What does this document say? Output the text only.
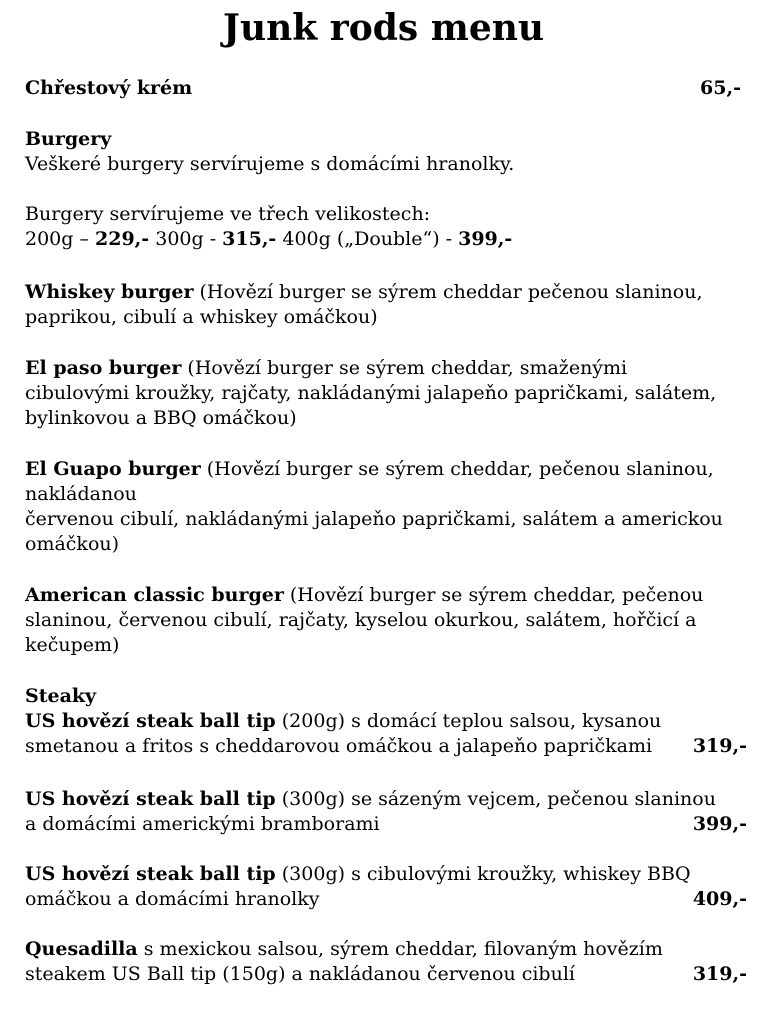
Junk rods menu
Chřestový krém	65,-
Burgery
Veškeré burgery servírujeme s domácími hranolky.

Burgery servírujeme ve třech velikostech:
200g – 229,- 300g - 315,- 400g („Double“) - 399,-
Whiskey burger (Hovězí burger se sýrem cheddar pečenou slaninou,
paprikou, cibulí a whiskey omáčkou)
El paso burger (Hovězí burger se sýrem cheddar, smaženými
cibulovými kroužky, rajčaty, nakládanými jalapeňo papričkami, salátem,
bylinkovou a BBQ omáčkou)
El Guapo burger (Hovězí burger se sýrem cheddar, pečenou slaninou,
nakládanou
červenou cibulí, nakládanými jalapeňo papričkami, salátem a americkou
omáčkou)
American classic burger (Hovězí burger se sýrem cheddar, pečenou
slaninou, červenou cibulí, rajčaty, kyselou okurkou, salátem, hořčicí a
kečupem)
Steaky
US hovězí steak ball tip (200g) s domácí teplou salsou, kysanou
smetanou a fritos s cheddarovou omáčkou a jalapeňo papričkami 319,-
US hovězí steak ball tip (300g) se sázeným vejcem, pečenou slaninou
a domácími americkými bramborami	399,-
US hovězí steak ball tip (300g) s cibulovými kroužky, whiskey BBQ
omáčkou a domácími hranolky	409,-
Quesadilla s mexickou salsou, sýrem cheddar, filovaným hovězím
steakem US Ball tip (150g) a nakládanou červenou cibulí	319,-
